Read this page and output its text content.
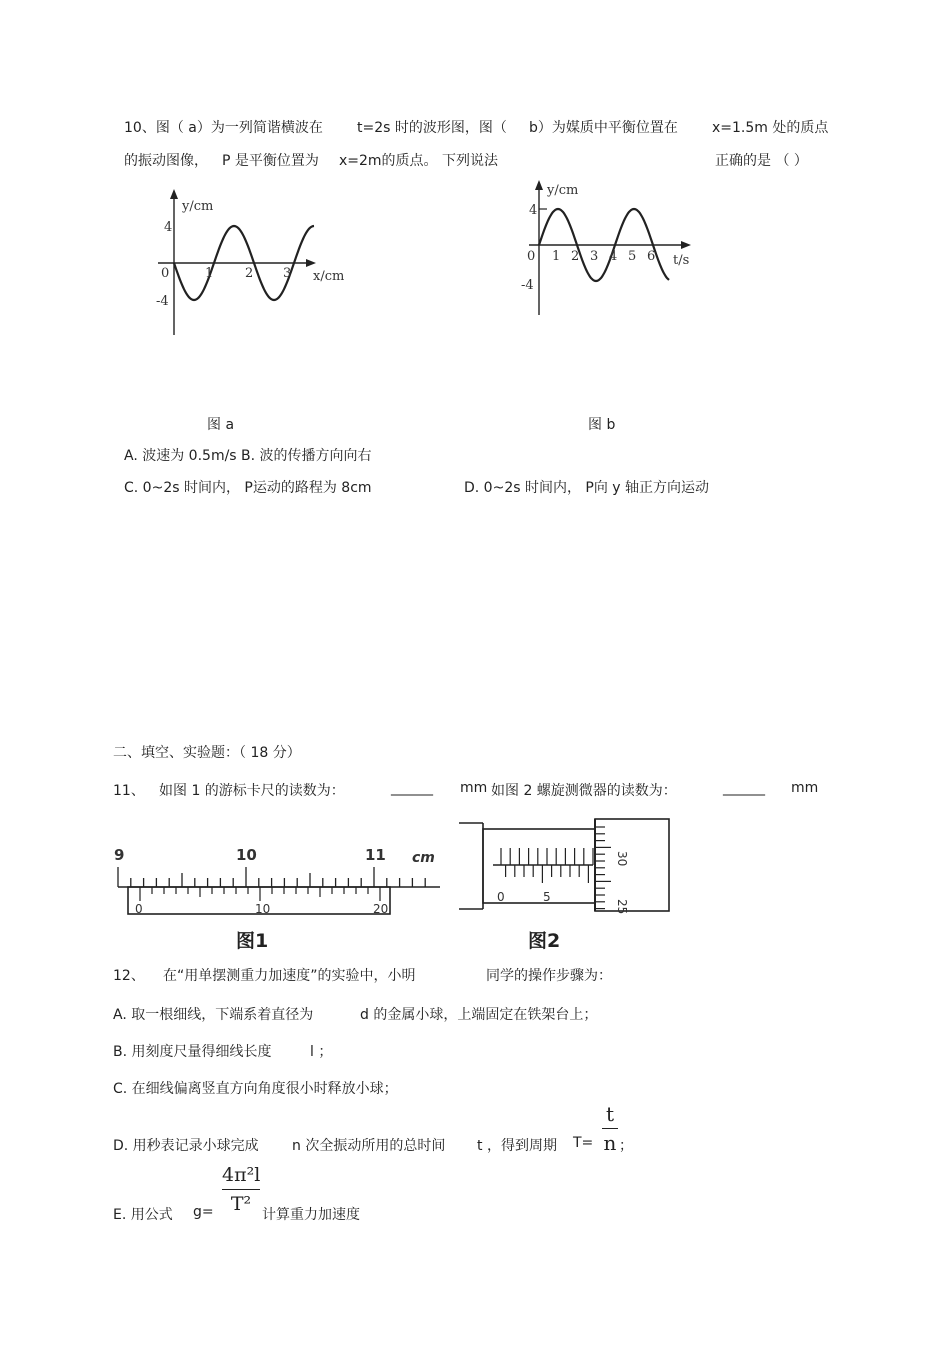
10、图（ a）为一列简谐横波在 t=2s 时的波形图，图（ b）为媒质中平衡位置在 x=1.5m 处的质点
的振动图像， P 是平衡位置为 x=2m的质点。 下列说法	正确的是 （ ）
y/cm
4
-4
0	1 2 3 x/cm
y/cm
4
-4
0 1 2 3 4 5 6 t/s
图 a	图 b
A. 波速为 0.5m/s B. 波的传播方向向右
C. 0~2s 时间内， P运动的路程为 8cm	D. 0~2s 时间内， P向 y 轴正方向运动
二、填空、实验题：（ 18 分）
11、 如图 1 的游标卡尺的读数为：	______ mm 如图 2 螺旋测微器的读数为：	______ mm
9	10	11 cm
0	10	20
图1
0	5
30
25
图2
12、 在“用单摆测重力加速度”的实验中，小明	同学的操作步骤为：
A. 取一根细线，下端系着直径为	d 的金属小球，上端固定在铁架台上；
B. 用刻度尺量得细线长度	l ；
C. 在细线偏离竖直方向角度很小时释放小球；
D. 用秒表记录小球完成 n 次全振动所用的总时间 t ，得到周期 T=
t
n ；
E. 用公式 g=
4π²l
T² 计算重力加速度
